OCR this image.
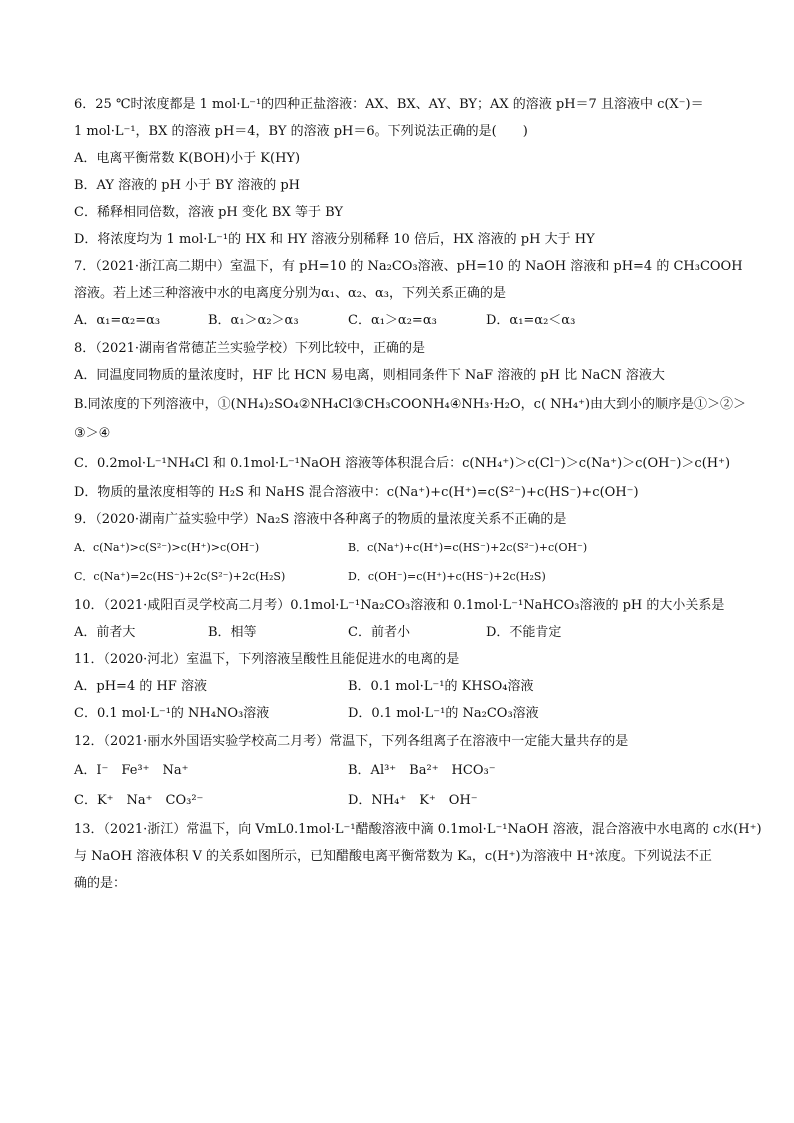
6．25 ℃时浓度都是 1 mol·L⁻¹的四种正盐溶液：AX、BX、AY、BY；AX 的溶液 pH＝7 且溶液中 c(X⁻)＝
1 mol·L⁻¹，BX 的溶液 pH＝4，BY 的溶液 pH＝6。下列说法正确的是(　　)
A．电离平衡常数 K(BOH)小于 K(HY)
B．AY 溶液的 pH 小于 BY 溶液的 pH
C．稀释相同倍数，溶液 pH 变化 BX 等于 BY
D．将浓度均为 1 mol·L⁻¹的 HX 和 HY 溶液分别稀释 10 倍后，HX 溶液的 pH 大于 HY
7．（2021·浙江高二期中）室温下，有 pH=10 的 Na₂CO₃溶液、pH=10 的 NaOH 溶液和 pH=4 的 CH₃COOH
溶液。若上述三种溶液中水的电离度分别为α₁、α₂、α₃，下列关系正确的是
A．α₁=α₂=α₃	B．α₁＞α₂＞α₃	C．α₁＞α₂=α₃	D．α₁=α₂＜α₃
8．（2021·湖南省常德芷兰实验学校）下列比较中，正确的是
A．同温度同物质的量浓度时，HF 比 HCN 易电离，则相同条件下 NaF 溶液的 pH 比 NaCN 溶液大
B.同浓度的下列溶液中，①(NH₄)₂SO₄②NH₄Cl③CH₃COONH₄④NH₃·H₂O，c( NH₄⁺)由大到小的顺序是①＞②＞
③＞④
C．0.2mol·L⁻¹NH₄Cl 和 0.1mol·L⁻¹NaOH 溶液等体积混合后：c(NH₄⁺)＞c(Cl⁻)＞c(Na⁺)＞c(OH⁻)＞c(H⁺)
D．物质的量浓度相等的 H₂S 和 NaHS 混合溶液中：c(Na⁺)+c(H⁺)=c(S²⁻)+c(HS⁻)+c(OH⁻)
9．（2020·湖南广益实验中学）Na₂S 溶液中各种离子的物质的量浓度关系不正确的是
A．c(Na⁺)>c(S²⁻)>c(H⁺)>c(OH⁻)	B．c(Na⁺)+c(H⁺)=c(HS⁻)+2c(S²⁻)+c(OH⁻)
C．c(Na⁺)=2c(HS⁻)+2c(S²⁻)+2c(H₂S)	D．c(OH⁻)=c(H⁺)+c(HS⁻)+2c(H₂S)
10．（2021·咸阳百灵学校高二月考）0.1mol·L⁻¹Na₂CO₃溶液和 0.1mol·L⁻¹NaHCO₃溶液的 pH 的大小关系是
A．前者大	B．相等	C．前者小	D．不能肯定
11．（2020·河北）室温下，下列溶液呈酸性且能促进水的电离的是
A．pH=4 的 HF 溶液	B．0.1 mol·L⁻¹的 KHSO₄溶液
C．0.1 mol·L⁻¹的 NH₄NO₃溶液	D．0.1 mol·L⁻¹的 Na₂CO₃溶液
12．（2021·丽水外国语实验学校高二月考）常温下，下列各组离子在溶液中一定能大量共存的是
A．I⁻　Fe³⁺　Na⁺	B．Al³⁺　Ba²⁺　HCO₃⁻
C．K⁺　Na⁺　CO₃²⁻	D．NH₄⁺　K⁺　OH⁻
13．（2021·浙江）常温下，向 VmL0.1mol·L⁻¹醋酸溶液中滴 0.1mol·L⁻¹NaOH 溶液，混合溶液中水电离的 c水(H⁺)
与 NaOH 溶液体积 V 的关系如图所示，已知醋酸电离平衡常数为 Kₐ，c(H⁺)为溶液中 H⁺浓度。下列说法不正
确的是：
